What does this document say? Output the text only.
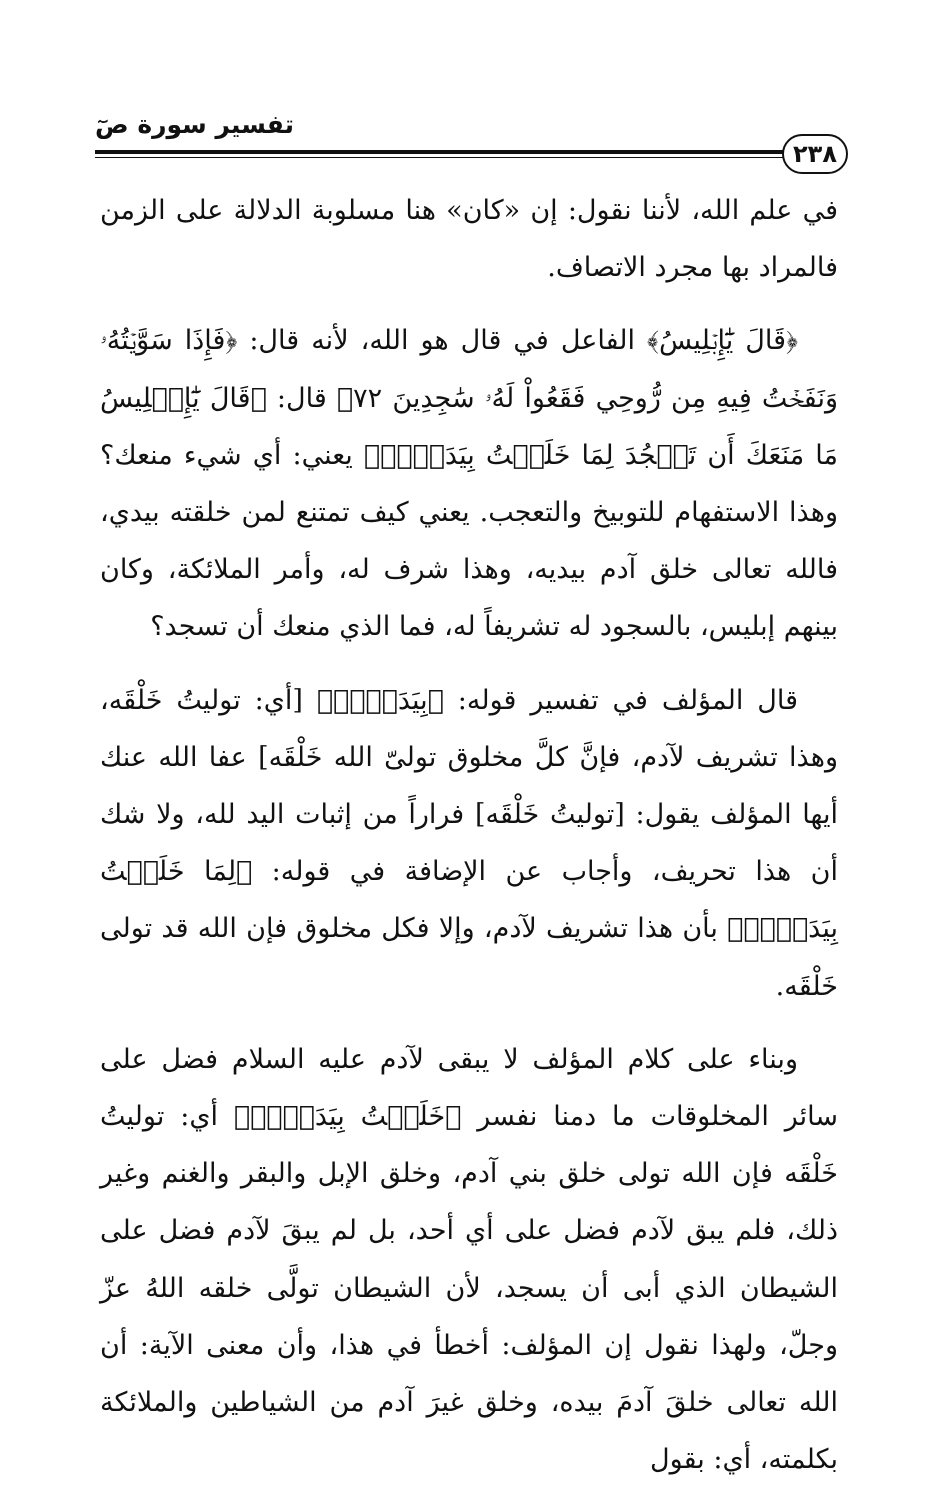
تفسير سورة صٓ
٢٣٨

في علم الله، لأننا نقول: إن «كان» هنا مسلوبة الدلالة على الزمن فالمراد بها مجرد الاتصاف.

﴿قَالَ يَٰٓإِبۡلِيسُ﴾ الفاعل في قال هو الله، لأنه قال: ﴿فَإِذَا سَوَّيۡتُهُۥ وَنَفَخۡتُ فِيهِ مِن رُّوحِي فَقَعُواْ لَهُۥ سَٰجِدِينَ ٧٢﴾ قال: ﴿قَالَ يَٰٓإِبۡلِيسُ مَا مَنَعَكَ أَن تَسۡجُدَ لِمَا خَلَقۡتُ بِيَدَيَّۖ﴾ يعني: أي شيء منعك؟ وهذا الاستفهام للتوبيخ والتعجب. يعني كيف تمتنع لمن خلقته بيدي، فالله تعالى خلق آدم بيديه، وهذا شرف له، وأمر الملائكة، وكان بينهم إبليس، بالسجود له تشريفاً له، فما الذي منعك أن تسجد؟

قال المؤلف في تفسير قوله: ﴿بِيَدَيَّۖ﴾ [أي: توليتُ خَلْقَه، وهذا تشريف لآدم، فإنَّ كلَّ مخلوق تولىّ الله خَلْقَه] عفا الله عنك أيها المؤلف يقول: [توليتُ خَلْقَه] فراراً من إثبات اليد لله، ولا شك أن هذا تحريف، وأجاب عن الإضافة في قوله: ﴿لِمَا خَلَقۡتُ بِيَدَيَّۖ﴾ بأن هذا تشريف لآدم، وإلا فكل مخلوق فإن الله قد تولى خَلْقَه.

وبناء على كلام المؤلف لا يبقى لآدم عليه السلام فضل على سائر المخلوقات ما دمنا نفسر ﴿خَلَقۡتُ بِيَدَيَّۖ﴾ أي: توليتُ خَلْقَه فإن الله تولى خلق بني آدم، وخلق الإبل والبقر والغنم وغير ذلك، فلم يبق لآدم فضل على أي أحد، بل لم يبقَ لآدم فضل على الشيطان الذي أبى أن يسجد، لأن الشيطان تولَّى خلقه اللهُ عزّ وجلّ، ولهذا نقول إن المؤلف: أخطأ في هذا، وأن معنى الآية: أن الله تعالى خلقَ آدمَ بيده، وخلق غيرَ آدم من الشياطين والملائكة بكلمته، أي: بقول
